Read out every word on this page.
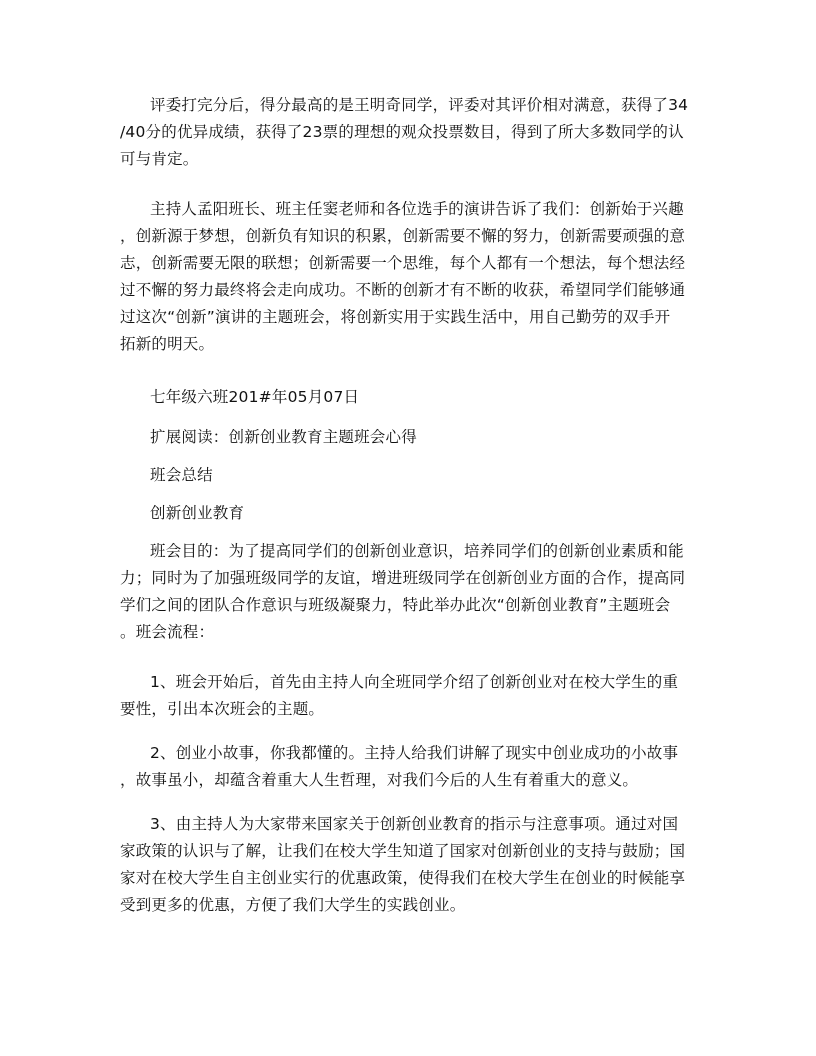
评委打完分后，得分最高的是王明奇同学，评委对其评价相对满意，获得了34
/40分的优异成绩，获得了23票的理想的观众投票数目，得到了所大多数同学的认
可与肯定。
主持人孟阳班长、班主任窦老师和各位选手的演讲告诉了我们：创新始于兴趣
，创新源于梦想，创新负有知识的积累，创新需要不懈的努力，创新需要顽强的意
志，创新需要无限的联想；创新需要一个思维，每个人都有一个想法，每个想法经
过不懈的努力最终将会走向成功。不断的创新才有不断的收获，希望同学们能够通
过这次“创新”演讲的主题班会，将创新实用于实践生活中，用自己勤劳的双手开
拓新的明天。
七年级六班201#年05月07日
扩展阅读：创新创业教育主题班会心得
班会总结
创新创业教育
班会目的：为了提高同学们的创新创业意识，培养同学们的创新创业素质和能
力；同时为了加强班级同学的友谊，增进班级同学在创新创业方面的合作，提高同
学们之间的团队合作意识与班级凝聚力，特此举办此次“创新创业教育”主题班会
。班会流程：
1、班会开始后，首先由主持人向全班同学介绍了创新创业对在校大学生的重
要性，引出本次班会的主题。
2、创业小故事，你我都懂的。主持人给我们讲解了现实中创业成功的小故事
，故事虽小，却蕴含着重大人生哲理，对我们今后的人生有着重大的意义。
3、由主持人为大家带来国家关于创新创业教育的指示与注意事项。通过对国
家政策的认识与了解，让我们在校大学生知道了国家对创新创业的支持与鼓励；国
家对在校大学生自主创业实行的优惠政策，使得我们在校大学生在创业的时候能享
受到更多的优惠，方便了我们大学生的实践创业。
